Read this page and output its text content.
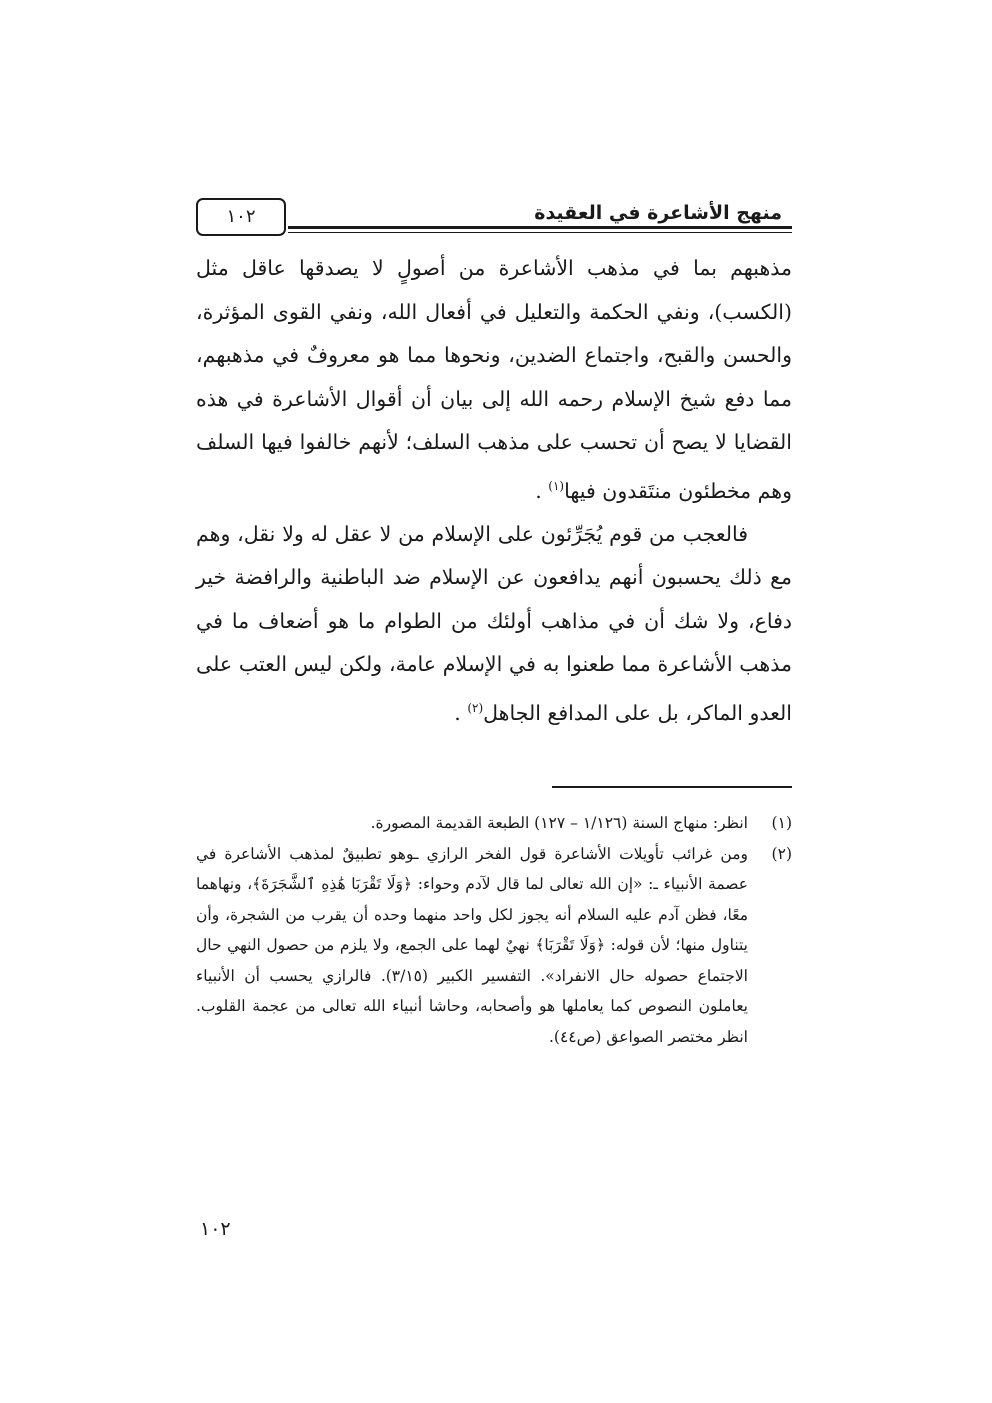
منهج الأشاعرة في العقيدة
١٠٢

مذهبهم بما في مذهب الأشاعرة من أصولٍ لا يصدقها عاقل مثل (الكسب)، ونفي الحكمة والتعليل في أفعال الله، ونفي القوى المؤثرة، والحسن والقبح، واجتماع الضدين، ونحوها مما هو معروفٌ في مذهبهم، مما دفع شيخ الإسلام رحمه الله إلى بيان أن أقوال الأشاعرة في هذه القضايا لا يصح أن تحسب على مذهب السلف؛ لأنهم خالفوا فيها السلف وهم مخطئون منتَقدون فيها$^{(١)}$ .

فالعجب من قوم يُجَرِّئون على الإسلام من لا عقل له ولا نقل، وهم مع ذلك يحسبون أنهم يدافعون عن الإسلام ضد الباطنية والرافضة خير دفاع، ولا شك أن في مذاهب أولئك من الطوام ما هو أضعاف ما في مذهب الأشاعرة مما طعنوا به في الإسلام عامة، ولكن ليس العتب على العدو الماكر، بل على المدافع الجاهل$^{(٢)}$ .

(١)
انظر: منهاج السنة (١/١٢٦ – ١٢٧) الطبعة القديمة المصورة.
(٢)
ومن غرائب تأويلات الأشاعرة قول الفخر الرازي ـوهو تطبيقٌ لمذهب الأشاعرة في عصمة الأنبياء ـ: «إن الله تعالى لما قال لآدم وحواء: ﴿وَلَا تَقْرَبَا هَٰذِهِ ٱلشَّجَرَةَ﴾، ونهاهما معًا، فظن آدم عليه السلام أنه يجوز لكل واحد منهما وحده أن يقرب من الشجرة، وأن يتناول منها؛ لأن قوله: ﴿وَلَا تَقْرَبَا﴾ نهيٌ لهما على الجمع، ولا يلزم من حصول النهي حال الاجتماع حصوله حال الانفراد». التفسير الكبير (٣/١٥). فالرازي يحسب أن الأنبياء يعاملون النصوص كما يعاملها هو وأصحابه، وحاشا أنبياء الله تعالى من عجمة القلوب. انظر مختصر الصواعق (ص٤٤).
١٠٢
